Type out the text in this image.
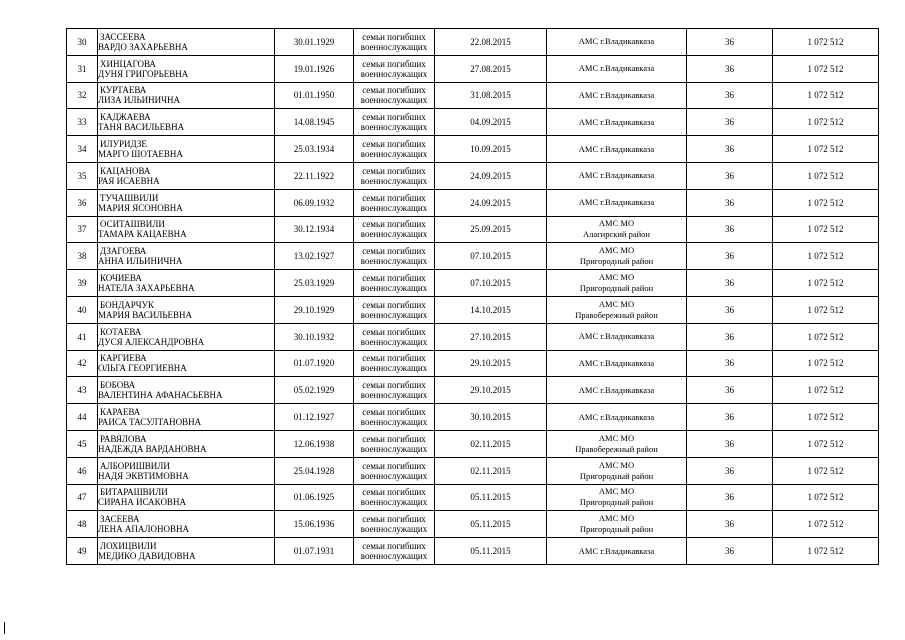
30	ЗАССЕЕВА
ВАРДО ЗАХАРЬЕВНА	30.01.1929	семьи погибших
военнослужащих	22.08.2015	АМС г.Владикавказа	36	1 072 512
31	ХИНЦАГОВА
ДУНЯ ГРИГОРЬЕВНА	19.01.1926	семьи погибших
военнослужащих	27.08.2015	АМС г.Владикавказа	36	1 072 512
32	КУРТАЕВА
ЛИЗА ИЛЬИНИЧНА	01.01.1950	семьи погибших
военнослужащих	31.08.2015	АМС г.Владикавказа	36	1 072 512
33	КАДЖАЕВА
ТАНЯ ВАСИЛЬЕВНА	14.08.1945	семьи погибших
военнослужащих	04.09.2015	АМС г.Владикавказа	36	1 072 512
34	ИЛУРИДЗЕ
МАРГО ШОТАЕВНА	25.03.1934	семьи погибших
военнослужащих	10.09.2015	АМС г.Владикавказа	36	1 072 512
35	КАЦАНОВА
РАЯ ИСАЕВНА	22.11.1922	семьи погибших
военнослужащих	24.09.2015	АМС г.Владикавказа	36	1 072 512
36	ТУЧАШВИЛИ
МАРИЯ ЯСОНОВНА	06.09.1932	семьи погибших
военнослужащих	24.09.2015	АМС г.Владикавказа	36	1 072 512
37	ОСИТАШВИЛИ
ТАМАРА КАЦАЕВНА	30.12.1934	семьи погибших
военнослужащих	25.09.2015	АМС МО
Алагирский район	36	1 072 512
38	ДЗАГОЕВА
АННА ИЛЬИНИЧНА	13.02.1927	семьи погибших
военнослужащих	07.10.2015	АМС МО
Пригородный район	36	1 072 512
39	КОЧИЕВА
НАТЕЛА ЗАХАРЬЕВНА	25.03.1929	семьи погибших
военнослужащих	07.10.2015	АМС МО
Пригородный район	36	1 072 512
40	БОНДАРЧУК
МАРИЯ ВАСИЛЬЕВНА	29.10.1929	семьи погибших
военнослужащих	14.10.2015	АМС МО
Правобережный район	36	1 072 512
41	КОТАЕВА
ДУСЯ АЛЕКСАНДРОВНА	30.10.1932	семьи погибших
военнослужащих	27.10.2015	АМС г.Владикавказа	36	1 072 512
42	КАРГИЕВА
ОЛЬГА ГЕОРГИЕВНА	01.07.1920	семьи погибших
военнослужащих	29.10.2015	АМС г.Владикавказа	36	1 072 512
43	БОБОВА
ВАЛЕНТИНА АФАНАСЬЕВНА	05.02.1929	семьи погибших
военнослужащих	29.10.2015	АМС г.Владикавказа	36	1 072 512
44	КАРАЕВА
РАИСА ТАСУЛТАНОВНА	01.12.1927	семьи погибших
военнослужащих	30.10.2015	АМС г.Владикавказа	36	1 072 512
45	РАВЯЛОВА
НАДЕЖДА ВАРДАНОВНА	12.06.1938	семьи погибших
военнослужащих	02.11.2015	АМС МО
Правобережный район	36	1 072 512
46	АЛБОРИШВИЛИ
НАДЯ ЭКВТИМОВНА	25.04.1928	семьи погибших
военнослужащих	02.11.2015	АМС МО
Пригородный район	36	1 072 512
47	БИТАРАШВИЛИ
СИРАНА ИСАКОВНА	01.06.1925	семьи погибших
военнослужащих	05.11.2015	АМС МО
Пригородный район	36	1 072 512
48	ЗАСЕЕВА
ЛЕНА АПАЛОНОВНА	15.06.1936	семьи погибших
военнослужащих	05.11.2015	АМС МО
Пригородный район	36	1 072 512
49	ЛОХИЦВИЛИ
МЕДИКО ДАВИДОВНА	01.07.1931	семьи погибших
военнослужащих	05.11.2015	АМС г.Владикавказа	36	1 072 512
